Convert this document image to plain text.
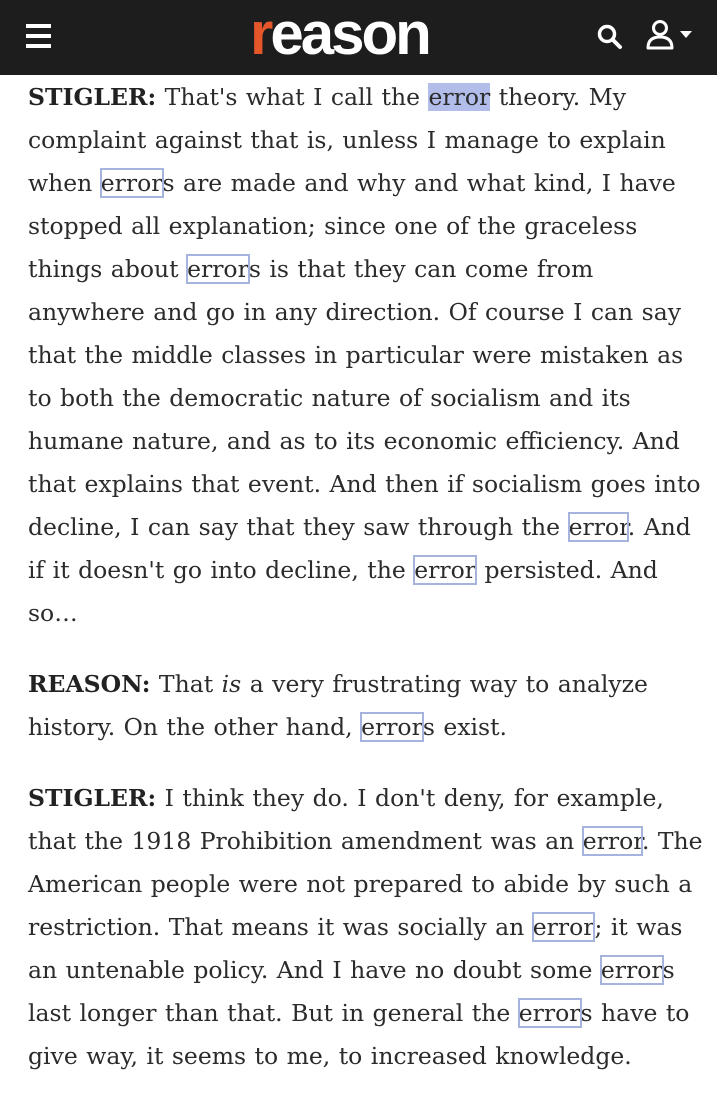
reason

STIGLER: That's what I call the error theory. My complaint against that is, unless I manage to explain when errors are made and why and what kind, I have stopped all explanation; since one of the graceless things about errors is that they can come from anywhere and go in any direction. Of course I can say that the middle classes in particular were mistaken as to both the democratic nature of socialism and its humane nature, and as to its economic efficiency. And that explains that event. And then if socialism goes into decline, I can say that they saw through the error. And if it doesn't go into decline, the error persisted. And so…

REASON: That is a very frustrating way to analyze history. On the other hand, errors exist.

STIGLER: I think they do. I don't deny, for example, that the 1918 Prohibition amendment was an error. The American people were not prepared to abide by such a restriction. That means it was socially an error; it was an untenable policy. And I have no doubt some errors last longer than that. But in general the errors have to give way, it seems to me, to increased knowledge.
